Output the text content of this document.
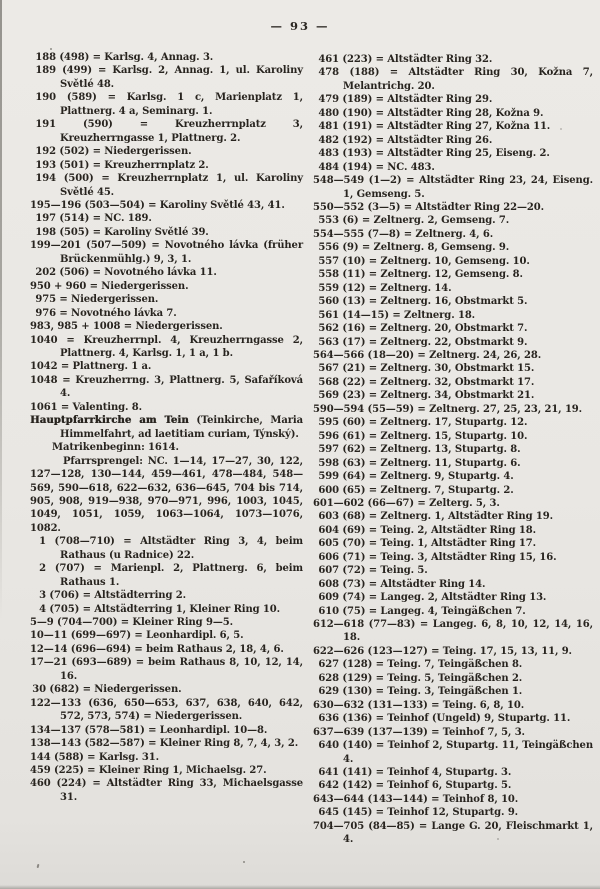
— 93 —

188 (498) = Karlsg. 4, Annag. 3.

189 (499) = Karlsg. 2, Annag. 1, ul. Karoliny Světlé 48.

190 (589) = Karlsg. 1 c, Marienplatz 1, Plattnerg. 4 a, Seminarg. 1.

191	(590) = Kreuzherrnplatz 3, Kreuzherrngasse 1, Plattnerg. 2.

192 (502) = Niedergerissen.

193 (501) = Kreuzherrnplatz 2.

194 (500) = Kreuzherrnplatz 1, ul. Karoliny Světlé 45.

195—196 (503—504) = Karoliny Světlé 43, 41.

197 (514) = NC. 189.

198 (505) = Karoliny Světlé 39.

199—201 (507—509) = Novotného lávka (früher Brückenmühlg.) 9, 3, 1.

202 (506) = Novotného lávka 11.

950 + 960 = Niedergerissen.

975 = Niedergerissen.

976 = Novotného lávka 7.

983, 985 + 1008 = Niedergerissen.

1040 = Kreuzherrnpl. 4, Kreuzherrngasse 2, Plattnerg. 4, Karlsg. 1, 1 a, 1 b.

1042 = Plattnerg. 1 a.

1048 = Kreuzherrng. 3, Plattnerg. 5, Safaříková 4.

1061 = Valenting. 8.

Hauptpfarrkirche am Tein (Teinkirche, Maria Himmelfahrt, ad laetitiam curiam, Týnský).

Matrikenbeginn: 1614.

Pfarrsprengel: NC. 1—14, 17—27, 30, 122, 127—128, 130—144, 459—461, 478—484, 548—569, 590—618, 622—632, 636—645, 704 bis 714, 905, 908, 919—938, 970—971, 996, 1003, 1045, 1049, 1051, 1059, 1063—1064, 1073—1076, 1082.

1 (708—710) = Altstädter Ring 3, 4, beim Rathaus (u Radnice) 22.

2 (707) = Marienpl. 2, Plattnerg. 6, beim Rathaus 1.

3 (706) = Altstädterring 2.

4 (705) = Altstädterring 1, Kleiner Ring 10.

5—9 (704—700) = Kleiner Ring 9—5.

10—11 (699—697) = Leonhardipl. 6, 5.

12—14 (696—694) = beim Rathaus 2, 18, 4, 6.

17—21 (693—689) = beim Rathaus 8, 10, 12, 14, 16.

30 (682) = Niedergerissen.

122—133 (636, 650—653, 637, 638, 640, 642, 572, 573, 574) = Niedergerissen.

134—137 (578—581) = Leonhardipl. 10—8.

138—143 (582—587) = Kleiner Ring 8, 7, 4, 3, 2.

144 (588) = Karlsg. 31.

459 (225) = Kleiner Ring 1, Michaelsg. 27.

460 (224) = Altstädter Ring 33, Michaelsgasse 31.

461 (223) = Altstädter Ring 32.

478 (188) = Altstädter Ring 30, Kožna 7, Melantrichg. 20.

479 (189) = Altstädter Ring 29.

480 (190) = Altstädter Ring 28, Kožna 9.

481 (191) = Altstädter Ring 27, Kožna 11.

482 (192) = Altstädter Ring 26.

483 (193) = Altstädter Ring 25, Eiseng. 2.

484 (194) = NC. 483.

548—549 (1—2) = Altstädter Ring 23, 24, Eiseng. 1, Gemseng. 5.

550—552 (3—5) = Altstädter Ring 22—20.

553 (6) = Zeltnerg. 2, Gemseng. 7.

554—555 (7—8) = Zeltnerg. 4, 6.

556 (9) = Zeltnerg. 8, Gemseng. 9.

557 (10) = Zeltnerg. 10, Gemseng. 10.

558 (11) = Zeltnerg. 12, Gemseng. 8.

559 (12) = Zeltnerg. 14.

560 (13) = Zeltnerg. 16, Obstmarkt 5.

561 (14—15) = Zeltnerg. 18.

562 (16) = Zeltnerg. 20, Obstmarkt 7.

563 (17) = Zeltnerg. 22, Obstmarkt 9.

564—566 (18—20) = Zeltnerg. 24, 26, 28.

567 (21) = Zeltnerg. 30, Obstmarkt 15.

568 (22) = Zeltnerg. 32, Obstmarkt 17.

569 (23) = Zeltnerg. 34, Obstmarkt 21.

590—594 (55—59) = Zeltnerg. 27, 25, 23, 21, 19.

595 (60) = Zeltnerg. 17, Stupartg. 12.

596 (61) = Zeltnerg. 15, Stupartg. 10.

597 (62) = Zeltnerg. 13, Stupartg. 8.

598 (63) = Zeltnerg. 11, Stupartg. 6.

599 (64) = Zeltnerg. 9, Stupartg. 4.

600 (65) = Zeltnerg. 7, Stupartg. 2.

601—602 (66—67) = Zelterg. 5, 3.

603 (68) = Zeltnerg. 1, Altstädter Ring 19.

604 (69) = Teing. 2, Altstädter Ring 18.

605 (70) = Teing. 1, Altstädter Ring 17.

606 (71) = Teing. 3, Altstädter Ring 15, 16.

607 (72) = Teing. 5.

608 (73) = Altstädter Ring 14.

609 (74) = Langeg. 2, Altstädter Ring 13.

610 (75) = Langeg. 4, Teingäßchen 7.

612—618 (77—83) = Langeg. 6, 8, 10, 12, 14, 16, 18.

622—626 (123—127) = Teing. 17, 15, 13, 11, 9.

627 (128) = Teing. 7, Teingäßchen 8.

628 (129) = Teing. 5, Teingäßchen 2.

629 (130) = Teing. 3, Teingäßchen 1.

630—632 (131—133) = Teing. 6, 8, 10.

636 (136) = Teinhof (Ungeld) 9, Stupartg. 11.

637—639 (137—139) = Teinhof 7, 5, 3.

640 (140) = Teinhof 2, Stupartg. 11, Teingäßchen 4.

641 (141) = Teinhof 4, Stupartg. 3.

642 (142) = Teinhof 6, Stupartg. 5.

643—644 (143—144) = Teinhof 8, 10.

645 (145) = Teinhof 12, Stupartg. 9.

704—705 (84—85) = Lange G. 20, Fleischmarkt 1, 4.
